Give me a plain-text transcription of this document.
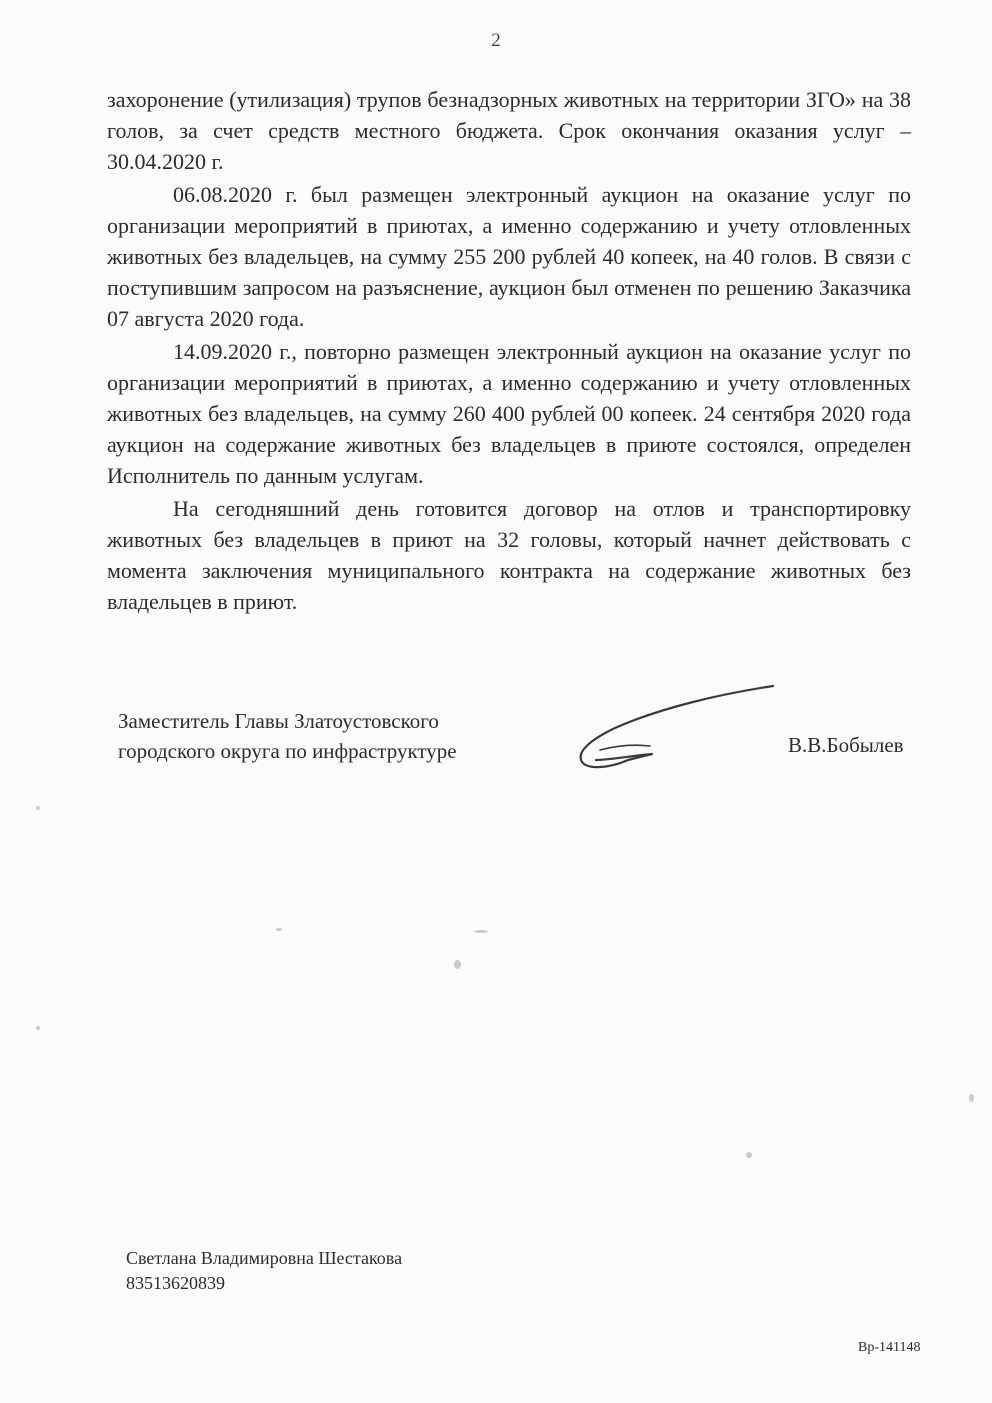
2

захоронение (утилизация) трупов безнадзорных животных на территории ЗГО» на 38 голов, за счет средств местного бюджета. Срок окончания оказания услуг – 30.04.2020 г.

06.08.2020 г. был размещен электронный аукцион на оказание услуг по организации мероприятий в приютах, а именно содержанию и учету отловленных животных без владельцев, на сумму 255 200 рублей 40 копеек, на 40 голов. В связи с поступившим запросом на разъяснение, аукцион был отменен по решению Заказчика 07 августа 2020 года.

14.09.2020 г., повторно размещен электронный аукцион на оказание услуг по организации мероприятий в приютах, а именно содержанию и учету отловленных животных без владельцев, на сумму 260 400 рублей 00 копеек. 24 сентября 2020 года аукцион на содержание животных без владельцев в приюте состоялся, определен Исполнитель по данным услугам.

На сегодняшний день готовится договор на отлов и транспортировку животных без владельцев в приют на 32 головы, который начнет действовать с момента заключения муниципального контракта на содержание животных без владельцев в приют.

Заместитель Главы Златоустовского
городского округа по инфраструктуре	В.В.Бобылев
Светлана Владимировна Шестакова
83513620839
Вр-141148
